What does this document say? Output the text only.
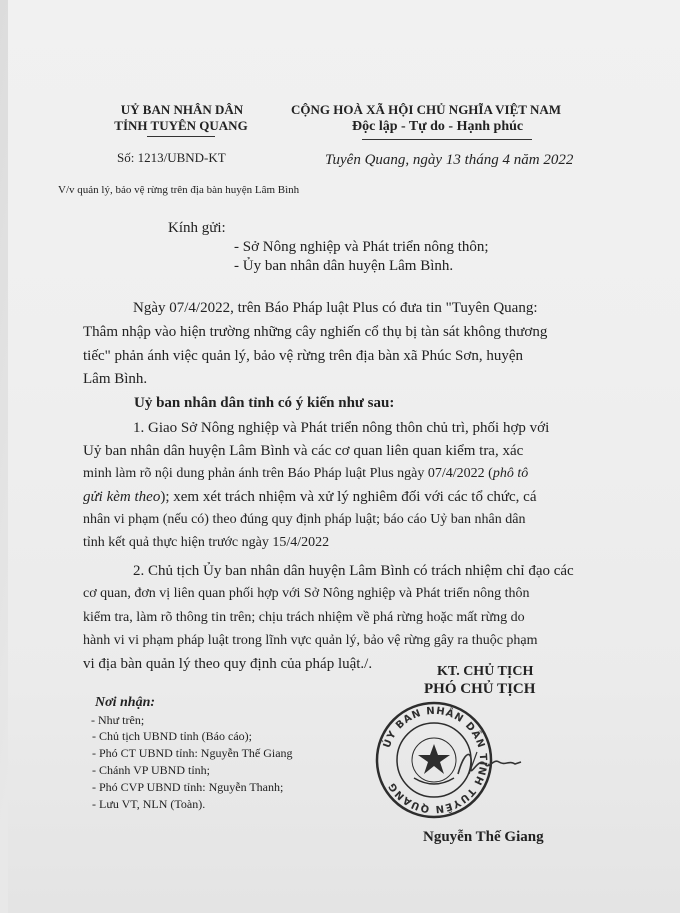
UỶ BAN NHÂN DÂN
TỈNH TUYÊN QUANG
Số: 1213/UBND-KT
CỘNG HOÀ XÃ HỘI CHỦ NGHĨA VIỆT NAM
Độc lập - Tự do - Hạnh phúc
Tuyên Quang, ngày 13 tháng 4 năm 2022
V/v quản lý, bảo vệ rừng trên địa bàn huyện Lâm Bình
Kính gửi:
- Sở Nông nghiệp và Phát triển nông thôn;
- Ủy ban nhân dân huyện Lâm Bình.
Ngày 07/4/2022, trên Báo Pháp luật Plus có đưa tin "Tuyên Quang:
Thâm nhập vào hiện trường những cây nghiến cổ thụ bị tàn sát không thương
tiếc" phản ánh việc quản lý, bảo vệ rừng trên địa bàn xã Phúc Sơn, huyện
Lâm Bình.
Uỷ ban nhân dân tỉnh có ý kiến như sau:
1. Giao Sở Nông nghiệp và Phát triển nông thôn chủ trì, phối hợp với
Uỷ ban nhân dân huyện Lâm Bình và các cơ quan liên quan kiểm tra, xác
minh làm rõ nội dung phản ánh trên Báo Pháp luật Plus ngày 07/4/2022 (phô tô
gửi kèm theo); xem xét trách nhiệm và xử lý nghiêm đối với các tổ chức, cá
nhân vi phạm (nếu có) theo đúng quy định pháp luật; báo cáo Uỷ ban nhân dân
tỉnh kết quả thực hiện trước ngày 15/4/2022
2. Chủ tịch Ủy ban nhân dân huyện Lâm Bình có trách nhiệm chỉ đạo các
cơ quan, đơn vị liên quan phối hợp với Sở Nông nghiệp và Phát triển nông thôn
kiểm tra, làm rõ thông tin trên; chịu trách nhiệm về phá rừng hoặc mất rừng do
hành vi vi phạm pháp luật trong lĩnh vực quản lý, bảo vệ rừng gây ra thuộc phạm
vi địa bàn quản lý theo quy định của pháp luật./.	KT. CHỦ TỊCH
PHÓ CHỦ TỊCH
ỦY BAN NHÂN DÂN TỈNH TUYÊN QUANG
Nguyễn Thế Giang
Nơi nhận:
- Như trên;
- Chủ tịch UBND tỉnh (Báo cáo);
- Phó CT UBND tỉnh: Nguyễn Thế Giang
- Chánh VP UBND tỉnh;
- Phó CVP UBND tỉnh: Nguyễn Thanh;
- Lưu VT, NLN (Toàn).
